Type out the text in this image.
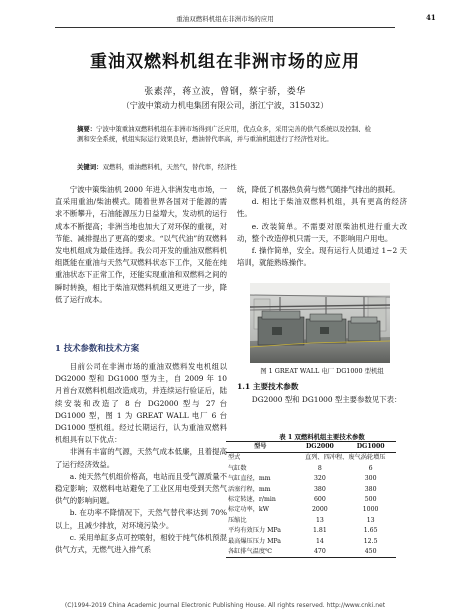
重油双燃料机组在非洲市场的应用	41
重油双燃料机组在非洲市场的应用
张素萍，蒋立波，曾钢，蔡宇骄，娄华
（宁波中策动力机电集团有限公司，浙江宁波，315032）
摘要：宁波中策重油双燃料机组在非洲市场得到广泛应用，优点众多，采用完善的供气系统以及控制、检测和安全系统，机组实际运行效果良好，燃油替代率高，并与重油机组进行了经济性对比。
关键词：双燃料，重油燃料机，天然气，替代率，经济性

宁波中策柴油机 2000 年进入非洲发电市场，一直采用重油/柴油模式。随着世界各国对于能源的需求不断攀升，石油能源压力日益增大，发动机的运行成本不断提高；非洲当地也加大了对环保的重视，对节能、减排提出了更高的要求。“以气代油”的双燃料发电机组成为最佳选择。我公司开发的重油双燃料机组既能在重油与天然气双燃料状态下工作，又能在纯重油状态下正常工作，还能实现重油和双燃料之间的瞬时转换，相比于柴油双燃料机组又更进了一步，降低了运行成本。

1 技术参数和技术方案

目前公司在非洲市场的重油双燃料发电机组以 DG2000 型和 DG1000 型为主，自 2009 年 10 月首台双燃料机组改造成功，并连续运行验证后，陆续安装和改造了 8 台 DG2000 型与 27 台 DG1000 型，图 1 为 GREAT WALL 电厂 6 台 DG1000 型机组。经过长期运行，认为重油双燃料机组具有以下优点：

非洲有丰富的气源，天然气成本低廉，且着提高了运行经济效益。

a. 纯天然气机组价格高，电站而且受气源质量不稳定影响；双燃料电站避免了工业区用电受到天然气供气的影响问题。

b. 在功率不降情况下，天然气替代率达到 70%以上，且减少排放，对环境污染少。

c. 采用单缸多点可控喷射，相较于纯气体机预混供气方式，无燃气进入排气系

统，降低了机器热负荷与燃气随排气排出的损耗。

d. 相比于柴油双燃料机组，具有更高的经济性。

e. 改装简单。不需要对原柴油机进行重大改动，整个改造停机只需一天，不影响用户用电。

f. 操作简单，安全。现有运行人员通过 1~2 天培训，就能熟练操作。

图 1 GREAT WALL 电厂 DG1000 型机组
1.1 主要技术参数

DG2000 型和 DG1000 型主要参数见下表：

表 1 双燃料机组主要技术参数
型号	DG2000	DG1000
型式	直列、四冲程、废气涡轮增压	
气缸数	8	6
气缸直径，mm	320	300
活塞行程，mm	380	380
标定转速，r/min	600	500
标定功率，kW	2000	1000
压缩比	13	13
平均有效压力 MPa	1.81	1.65
最高爆压压力 MPa	14	12.5
各缸排气温度℃	470	450
(C)1994-2019 China Academic Journal Electronic Publishing House. All rights reserved. http://www.cnki.net
